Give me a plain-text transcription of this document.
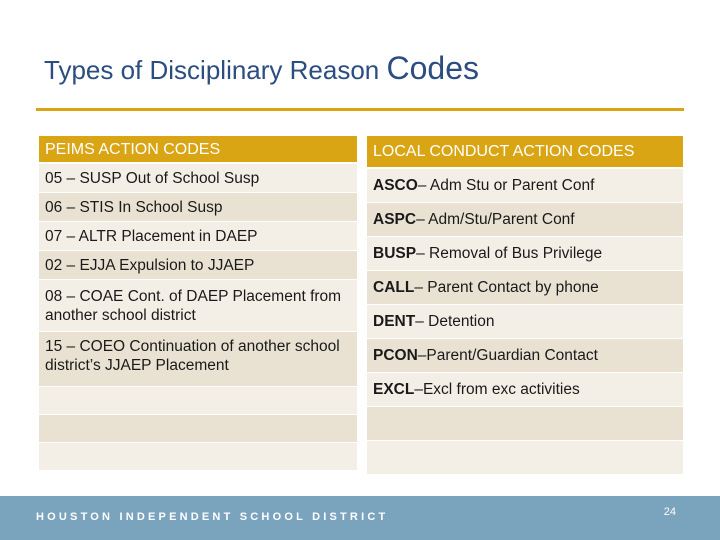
Types of Disciplinary Reason Codes
PEIMS ACTION CODES
05 – SUSP Out of School Susp
06 – STIS In School Susp
07 – ALTR Placement in DAEP
02 – EJJA Expulsion to JJAEP
08 – COAE Cont. of DAEP Placement from another school district
15 – COEO Continuation of another school district’s JJAEP Placement
LOCAL CONDUCT ACTION CODES
ASCO – Adm Stu or Parent Conf
ASPC – Adm/Stu/Parent Conf
BUSP – Removal of Bus Privilege
CALL – Parent Contact by phone
DENT – Detention
PCON –Parent/Guardian Contact
EXCL –Excl from exc activities
HOUSTON INDEPENDENT SCHOOL DISTRICT	24
